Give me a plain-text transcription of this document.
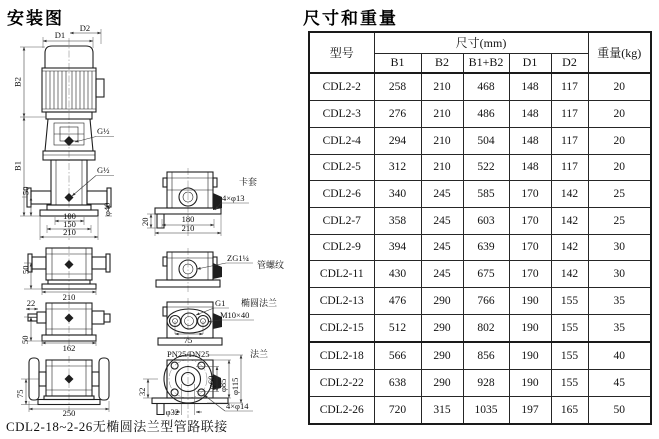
安装图	尺寸和重量
D2
D1
B2
B1
50
100
150
210
φ40
G½
G½
50
210
22
50
162
75
250
20	180
210
卡套
4×φ13
ZG1¼
管螺纹
G1 椭圆法兰
M10×40
75
PN25/DN25	法兰
32
φ60 φ85 φ115
φ32
4×φ14
CDL2-18~2-26无椭圆法兰型管路联接
型号	尺寸(mm)					重量(kg)
	B1	B2	B1+B2	D1	D2	
CDL2-2	258	210	468	148	117	20
CDL2-3	276	210	486	148	117	20
CDL2-4	294	210	504	148	117	20
CDL2-5	312	210	522	148	117	20
CDL2-6	340	245	585	170	142	25
CDL2-7	358	245	603	170	142	25
CDL2-9	394	245	639	170	142	30
CDL2-11	430	245	675	170	142	30
CDL2-13	476	290	766	190	155	35
CDL2-15	512	290	802	190	155	35
CDL2-18	566	290	856	190	155	40
CDL2-22	638	290	928	190	155	45
CDL2-26	720	315	1035	197	165	50
